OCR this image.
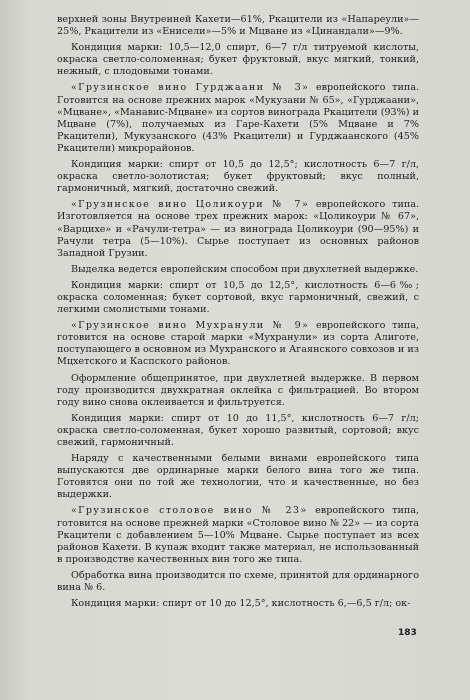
верхней зоны Внутренней Кахети—61%, Ркацители из «Напареули»—25%, Ркацители из «Енисели»—5% и Мцване из «Цинандали»—9%.

Кондиция марки: 10,5—12,0 спирт, 6—7 г/л титруемой кислоты, окраска светло-соломенная; букет фруктовый, вкус мягкий, тонкий, нежный, с плодовыми тонами.

«Грузинское вино Гурджаани № 3» европейского типа. Готовится на основе прежних марок «Мукузани № 65», «Гурджаани», «Мцване», «Манавис-Мцване» из сортов винограда Ркацители (93%) и Мцване (7%), получаемых из Гаре-Кахети (5% Мцване и 7% Ркацители), Мукузанского (43% Ркацители) и Гурджаанского (45% Ркацители) микрорайонов.

Кондиция марки: спирт от 10,5 до 12,5°; кислотность 6—7 г/л, окраска светло-золотистая; букет фруктовый; вкус полный, гармоничный, мягкий, достаточно свежий.

«Грузинское вино Цоликоури № 7» европейского типа. Изготовляется на основе трех прежних марок: «Цоликоури № 67», «Варцихе» и «Рачули-тетра» — из винограда Цоликоури (90—95%) и Рачули тетра (5—10%). Сырье поступает из основных районов Западной Грузии.

Выделка ведется европейским способом при двухлетней выдержке.

Кондиция марки: спирт от 10,5 до 12,5°, кислотность 6—6‰; окраска соломенная; букет сортовой, вкус гармоничный, свежий, с легкими смолистыми тонами.

«Грузинское вино Мухранули № 9» европейского типа, готовится на основе старой марки «Мухранули» из сорта Алиготе, поступающего в основном из Мухранского и Агаянского совхозов и из Мцхетского и Каспского районов.

Оформление общепринятое, при двухлетней выдержке. В первом году производится двухкратная оклейка с фильтрацией. Во втором году вино снова оклеивается и фильтруется.

Кондиция марки: спирт от 10 до 11,5°, кислотность 6—7 г/л; окраска светло-соломенная, букет хорошо развитый, сортовой; вкус свежий, гармоничный.

Наряду с качественными белыми винами европейского типа выпускаются две ординарные марки белого вина того же типа. Готовятся они по той же технологии, что и качественные, но без выдержки.

«Грузинское столовое вино № 23» европейского типа, готовится на основе прежней марки «Столовое вино № 22» — из сорта Ркацители с добавлением 5—10% Мцване. Сырье поступает из всех районов Кахети. В купаж входит также материал, не использованный в производстве качественных вин того же типа.

Обработка вина производится по схеме, принятой для ординарного вина № 6.

Кондиция марки: спирт от 10 до 12,5°, кислотность 6,—6,5 г/л; ок-

183
